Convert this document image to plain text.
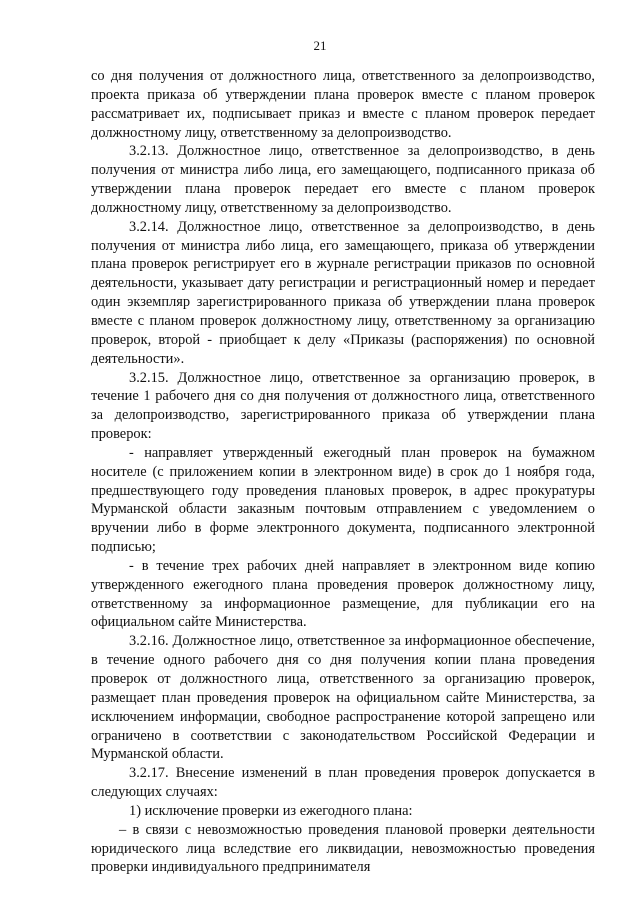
21

со дня получения от должностного лица, ответственного за делопроизводство, проекта приказа об утверждении плана проверок вместе с планом проверок рассматривает их, подписывает приказ и вместе с планом проверок передает должностному лицу, ответственному за делопроизводство.

3.2.13. Должностное лицо, ответственное за делопроизводство, в день получения от министра либо лица, его замещающего, подписанного приказа об утверждении плана проверок передает его вместе с планом проверок должностному лицу, ответственному за делопроизводство.

3.2.14. Должностное лицо, ответственное за делопроизводство, в день получения от министра либо лица, его замещающего, приказа об утверждении плана проверок регистрирует его в журнале регистрации приказов по основной деятельности, указывает дату регистрации и регистрационный номер и передает один экземпляр зарегистрированного приказа об утверждении плана проверок вместе с планом проверок должностному лицу, ответственному за организацию проверок, второй - приобщает к делу «Приказы (распоряжения) по основной деятельности».

3.2.15. Должностное лицо, ответственное за организацию проверок, в течение 1 рабочего дня со дня получения от должностного лица, ответственного за делопроизводство, зарегистрированного приказа об утверждении плана проверок:

- направляет утвержденный ежегодный план проверок на бумажном носителе (с приложением копии в электронном виде) в срок до 1 ноября года, предшествующего году проведения плановых проверок, в адрес прокуратуры Мурманской области заказным почтовым отправлением с уведомлением о вручении либо в форме электронного документа, подписанного электронной подписью;

- в течение трех рабочих дней направляет в электронном виде копию утвержденного ежегодного плана проведения проверок должностному лицу, ответственному за информационное размещение, для публикации его на официальном сайте Министерства.

3.2.16. Должностное лицо, ответственное за информационное обеспечение, в течение одного рабочего дня со дня получения копии плана проведения проверок от должностного лица, ответственного за организацию проверок, размещает план проведения проверок на официальном сайте Министерства, за исключением информации, свободное распространение которой запрещено или ограничено в соответствии с законодательством Российской Федерации и Мурманской области.

3.2.17. Внесение изменений в план проведения проверок допускается в следующих случаях:

1) исключение проверки из ежегодного плана:

– в связи с невозможностью проведения плановой проверки деятельности юридического лица вследствие его ликвидации, невозможностью проведения проверки индивидуального предпринимателя
